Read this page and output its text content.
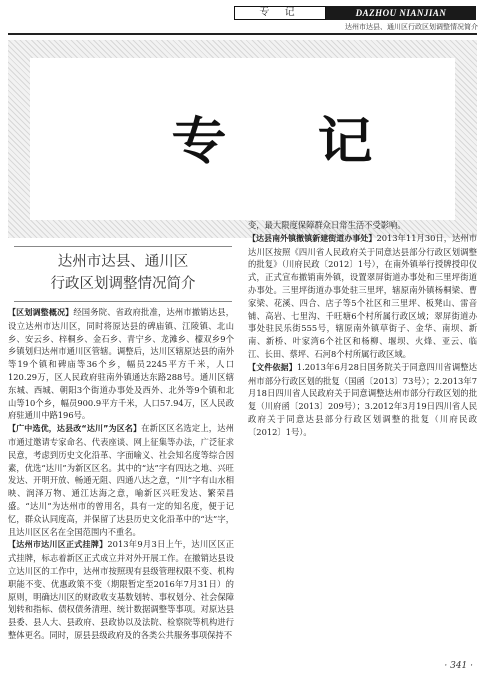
专 记	DAZHOU NIANJIAN
达州市达县、通川区行政区划调整情况简介
专 记
达州市达县、通川区
行政区划调整情况简介

【区划调整概况】经国务院、省政府批准，达州市撤销达县，设立达州市达川区，同时将原达县的碑庙镇、江陵镇、北山乡、安云乡、梓桐乡、金石乡、青宁乡、龙滩乡、檬双乡9个乡镇划归达州市通川区管辖。调整后，达川区辖原达县的南外等19个镇和碑庙等36个乡，幅员2245平方千米，人口120.29万，区人民政府驻南外镇通达东路288号。通川区辖东城、西城、朝阳3个街道办事处及西外、北外等9个镇和北山等10个乡，幅员900.9平方千米，人口57.94万，区人民政府驻通川中路196号。

【广中选优，达县改“达川”为区名】在新区区名选定上，达州市通过邀请专家命名、代表座谈、网上征集等办法，广泛征求民意，考虑到历史文化沿革、字面喻义、社会知名度等综合因素，优选“达川”为新区区名。其中的“达”字有四达之地、兴旺发达、开明开放、畅通无阻、四通八达之意，“川”字有山水相映、润泽万物、通江达海之意，喻新区兴旺发达、繁荣昌盛。“达川”为达州市的曾用名，具有一定的知名度，便于记忆，群众认同度高，并保留了达县历史文化沿革中的“达”字，且达川区区名在全国范围内不重名。

【达州市达川区正式挂牌】2013年9月3日上午，达川区区正式挂牌，标志着新区正式成立并对外开展工作。在撤销达县设立达川区的工作中，达州市按照现有县级管理权限不变、机构职能不变、优惠政策不变（期限暂定至2016年7月31日）的原则，明确达川区的财政收支基数划转、事权划分、社会保障划转和指标、债权债务清理、统计数据调整等事项。对原达县县委、县人大、县政府、县政协以及法院、检察院等机构进行整体更名。同时，原县县级政府及的各类公共服务事项保持不

变，最大限度保障群众日常生活不受影响。

【达县南外镇撤镇新建街道办事处】2013年11月30日，达州市达川区按照《四川省人民政府关于同意达县部分行政区划调整的批复》（川府民政〔2012〕1号），在南外镇举行授牌授印仪式，正式宣布撤销南外镇，设置翠屏街道办事处和三里坪街道办事处。三里坪街道办事处驻三里坪，辖原南外镇杨桐梁、曹家梁、花溪、四合、店子等5个社区和三里坪、板凳山、雷音铺、高岩、七里沟、千旺塘6个村所属行政区域；翠屏街道办事处驻民乐街555号，辖原南外镇草街子、金华、南坝、新南、新桥、叶家湾6个社区和杨柳、堰坝、火烽、亚云、临江、长田、蔡坪、石河8个村所属行政区域。

【文件依据】1.2013年6月28日国务院关于同意四川省调整达州市部分行政区划的批复（国函〔2013〕73号）；2.2013年7月18日四川省人民政府关于同意调整达州市部分行政区划的批复（川府函〔2013〕209号）；3.2012年3月19日四川省人民政府关于同意达县部分行政区划调整的批复（川府民政〔2012〕1号）。

· 341 ·
